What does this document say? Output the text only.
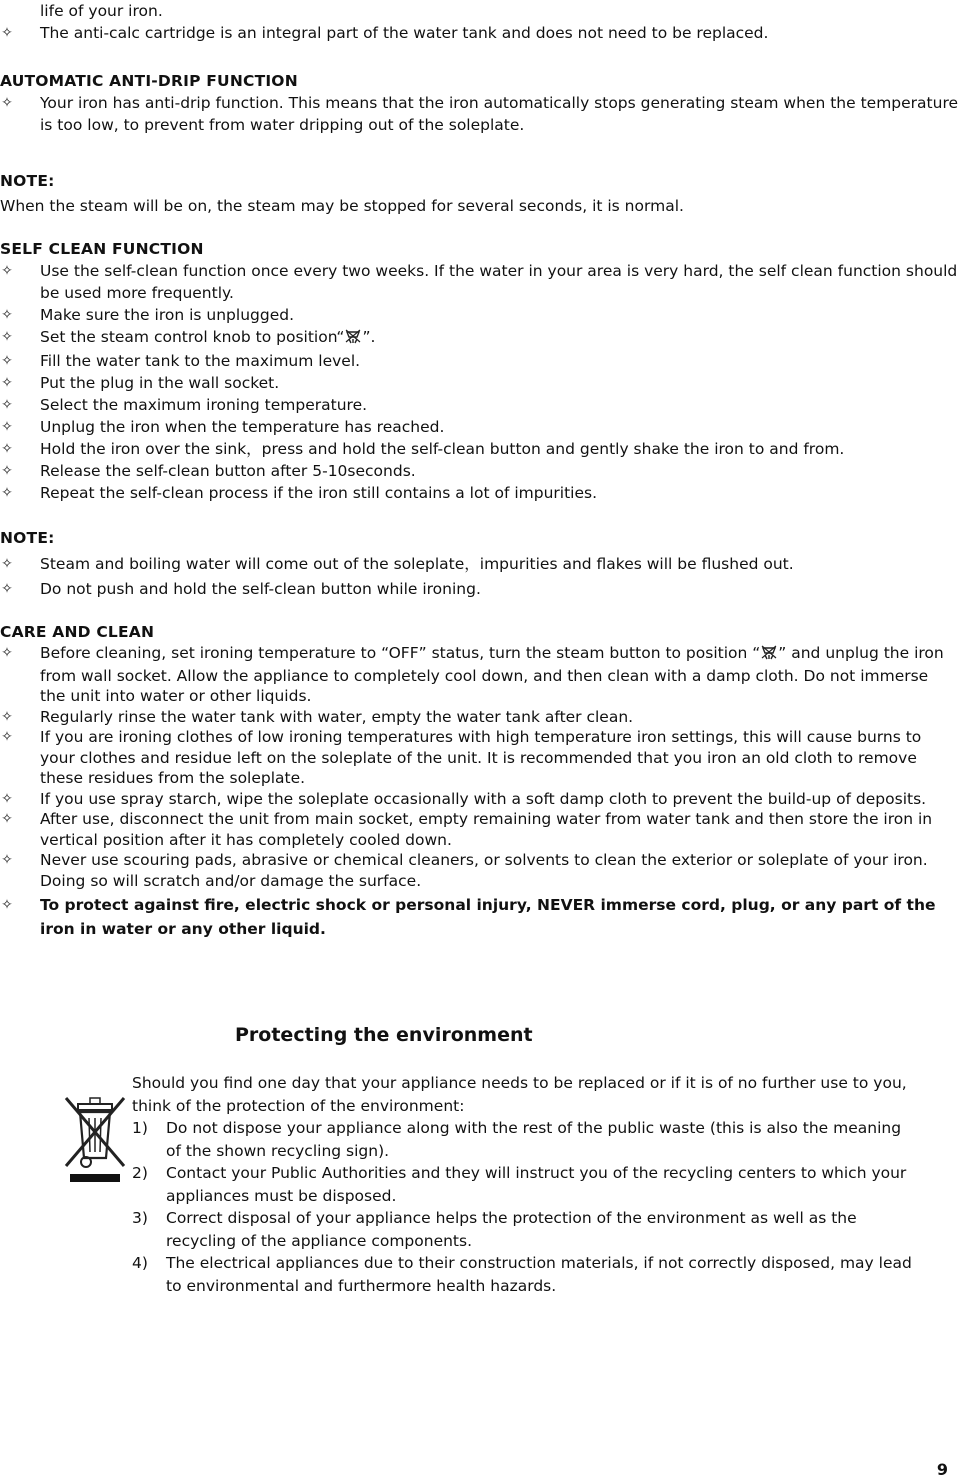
life of your iron.

✧ The anti-calc cartridge is an integral part of the water tank and does not need to be replaced.

AUTOMATIC ANTI-DRIP FUNCTION

✧ Your iron has anti-drip function. This means that the iron automatically stops generating steam when the temperature is too low, to prevent from water dripping out of the soleplate.

NOTE:

When the steam will be on, the steam may be stopped for several seconds, it is normal.

SELF CLEAN FUNCTION

✧ Use the self-clean function once every two weeks. If the water in your area is very hard, the self clean function should be used more frequently.

✧ Make sure the iron is unplugged.

✧ Set the steam control knob to position“ ”.

✧ Fill the water tank to the maximum level.

✧ Put the plug in the wall socket.

✧ Select the maximum ironing temperature.

✧ Unplug the iron when the temperature has reached.

✧ Hold the iron over the sink，press and hold the self-clean button and gently shake the iron to and from.

✧ Release the self-clean button after 5-10seconds.

✧ Repeat the self-clean process if the iron still contains a lot of impurities.

NOTE:

✧ Steam and boiling water will come out of the soleplate，impurities and flakes will be flushed out.

✧ Do not push and hold the self-clean button while ironing.

CARE AND CLEAN

✧ Before cleaning, set ironing temperature to “OFF” status, turn the steam button to position “ ” and unplug the iron from wall socket. Allow the appliance to completely cool down, and then clean with a damp cloth. Do not immerse the unit into water or other liquids.

✧ Regularly rinse the water tank with water, empty the water tank after clean.

✧ If you are ironing clothes of low ironing temperatures with high temperature iron settings, this will cause burns to your clothes and residue left on the soleplate of the unit. It is recommended that you iron an old cloth to remove these residues from the soleplate.

✧ If you use spray starch, wipe the soleplate occasionally with a soft damp cloth to prevent the build-up of deposits.

✧ After use, disconnect the unit from main socket, empty remaining water from water tank and then store the iron in vertical position after it has completely cooled down.

✧ Never use scouring pads, abrasive or chemical cleaners, or solvents to clean the exterior or soleplate of your iron. Doing so will scratch and/or damage the surface.

✧ To protect against fire, electric shock or personal injury, NEVER immerse cord, plug, or any part of the iron in water or any other liquid.

Protecting the environment

Should you find one day that your appliance needs to be replaced or if it is of no further use to you, think of the protection of the environment:

1) Do not dispose your appliance along with the rest of the public waste (this is also the meaning of the shown recycling sign).

2) Contact your Public Authorities and they will instruct you of the recycling centers to which your appliances must be disposed.

3) Correct disposal of your appliance helps the protection of the environment as well as the recycling of the appliance components.

4) The electrical appliances due to their construction materials, if not correctly disposed, may lead to environmental and furthermore health hazards.

9
